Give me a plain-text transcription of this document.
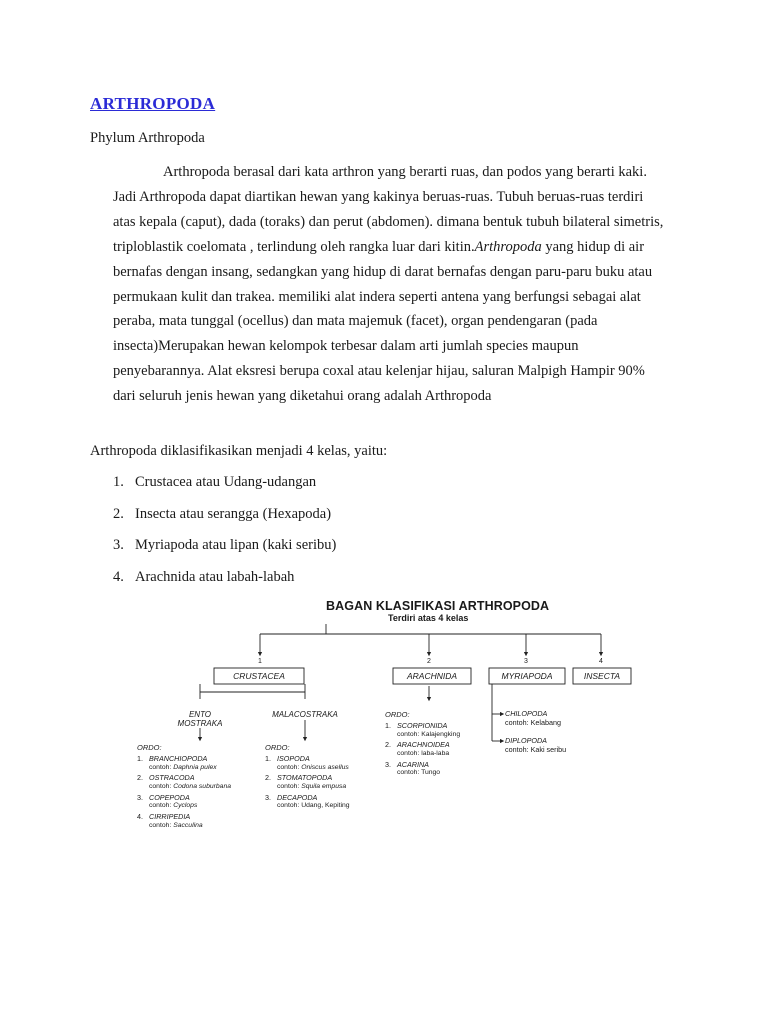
ARTHROPODA
Phylum Arthropoda

Arthropoda berasal dari kata arthron yang berarti ruas, dan podos yang berarti kaki. Jadi Arthropoda dapat diartikan hewan yang kakinya beruas-ruas. Tubuh beruas-ruas terdiri atas kepala (caput), dada (toraks) dan perut (abdomen). dimana bentuk tubuh bilateral simetris, triploblastik coelomata , terlindung oleh rangka luar dari kitin.Arthropoda yang hidup di air bernafas dengan insang, sedangkan yang hidup di darat bernafas dengan paru-paru buku atau permukaan kulit dan trakea. memiliki alat indera seperti antena yang berfungsi sebagai alat peraba, mata tunggal (ocellus) dan mata majemuk (facet), organ pendengaran (pada insecta)Merupakan hewan kelompok terbesar dalam arti jumlah species maupun penyebarannya. Alat eksresi berupa coxal atau kelenjar hijau, saluran Malpigh Hampir 90% dari seluruh jenis hewan yang diketahui orang adalah Arthropoda

Arthropoda diklasifikasikan menjadi 4 kelas, yaitu:
1. Crustacea atau Udang-udangan
2. Insecta atau serangga (Hexapoda)
3. Myriapoda atau lipan (kaki seribu)
4. Arachnida atau labah-labah
BAGAN KLASIFIKASI ARTHROPODA
Terdiri atas 4 kelas
1	2	3	4
CRUSTACEA	ARACHNIDA	MYRIAPODA	INSECTA
ENTO
MOSTRAKA
MALACOSTRAKA
ORDO:
1. BRANCHIOPODA
contoh: Daphnia pulex
2. OSTRACODA
contoh: Codona suburbana
3. COPEPODA
contoh: Cyclops
4. CIRRIPEDIA
contoh: Sacculina
ORDO:
1. ISOPODA
contoh: Oniscus asellus
2. STOMATOPODA
contoh: Squila empusa
3. DECAPODA
contoh: Udang, Kepiting
ORDO:
1. SCORPIONIDA
contoh: Kalajengking
2. ARACHNOIDEA
contoh: laba-laba
3. ACARINA
contoh: Tungo
CHILOPODA
contoh: Kelabang
DIPLOPODA
contoh: Kaki seribu
